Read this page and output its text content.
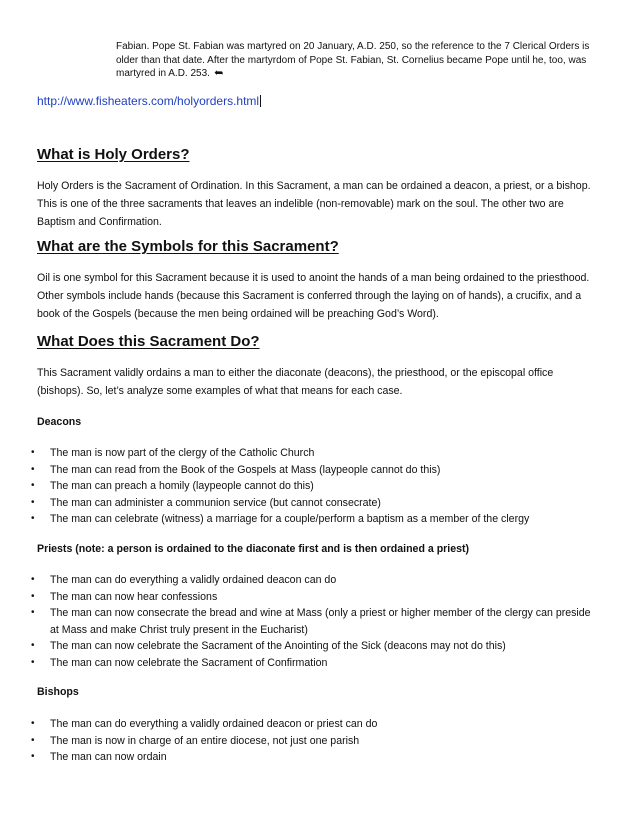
Fabian. Pope St. Fabian was martyred on 20 January, A.D. 250, so the reference to the 7 Clerical Orders is older than that date. After the martyrdom of Pope St. Fabian, St. Cornelius became Pope until he, too, was martyred in A.D. 253. ➦

http://www.fisheaters.com/holyorders.html

What is Holy Orders?

Holy Orders is the Sacrament of Ordination. In this Sacrament, a man can be ordained a deacon, a priest, or a bishop. This is one of the three sacraments that leaves an indelible (non-removable) mark on the soul. The other two are Baptism and Confirmation.

What are the Symbols for this Sacrament?

Oil is one symbol for this Sacrament because it is used to anoint the hands of a man being ordained to the priesthood. Other symbols include hands (because this Sacrament is conferred through the laying on of hands), a crucifix, and a book of the Gospels (because the men being ordained will be preaching God’s Word).

What Does this Sacrament Do?

This Sacrament validly ordains a man to either the diaconate (deacons), the priesthood, or the episcopal office (bishops). So, let’s analyze some examples of what that means for each case.

Deacons

• The man is now part of the clergy of the Catholic Church
• The man can read from the Book of the Gospels at Mass (laypeople cannot do this)
• The man can preach a homily (laypeople cannot do this)
• The man can administer a communion service (but cannot consecrate)
• The man can celebrate (witness) a marriage for a couple/perform a baptism as a member of the clergy

Priests (note: a person is ordained to the diaconate first and is then ordained a priest)

• The man can do everything a validly ordained deacon can do
• The man can now hear confessions
• The man can now consecrate the bread and wine at Mass (only a priest or higher member of the clergy can preside at Mass and make Christ truly present in the Eucharist)
• The man can now celebrate the Sacrament of the Anointing of the Sick (deacons may not do this)
• The man can now celebrate the Sacrament of Confirmation

Bishops

• The man can do everything a validly ordained deacon or priest can do
• The man is now in charge of an entire diocese, not just one parish
• The man can now ordain
